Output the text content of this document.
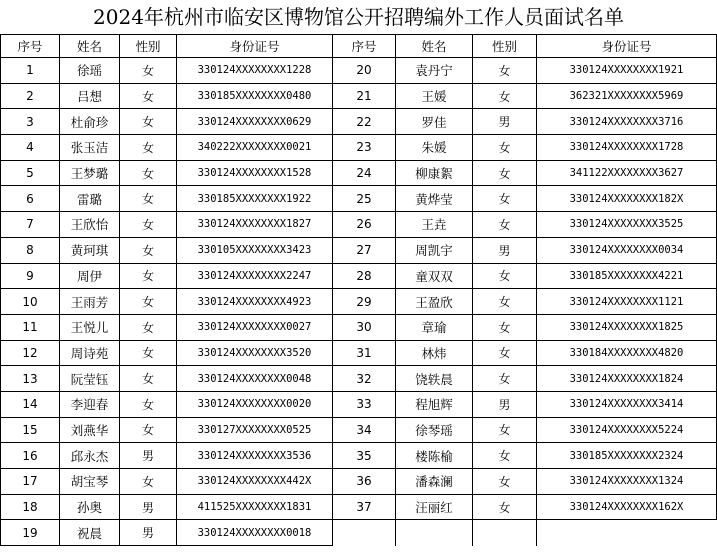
2024年杭州市临安区博物馆公开招聘编外工作人员面试名单
序号	姓名	性别	身份证号	序号	姓名	性别	身份证号
1	徐瑶	女	330124XXXXXXXX1228	20	袁丹宁	女	330124XXXXXXXX1921
2	吕想	女	330185XXXXXXXX0480	21	王媛	女	362321XXXXXXXX5969
3	杜俞珍	女	330124XXXXXXXX0629	22	罗佳	男	330124XXXXXXXX3716
4	张玉洁	女	340222XXXXXXXX0021	23	朱媛	女	330124XXXXXXXX1728
5	王梦璐	女	330124XXXXXXXX1528	24	柳康絮	女	341122XXXXXXXX3627
6	雷璐	女	330185XXXXXXXX1922	25	黄烨莹	女	330124XXXXXXXX182X
7	王欣怡	女	330124XXXXXXXX1827	26	王垚	女	330124XXXXXXXX3525
8	黄珂琪	女	330105XXXXXXXX3423	27	周凯宇	男	330124XXXXXXXX0034
9	周伊	女	330124XXXXXXXX2247	28	童双双	女	330185XXXXXXXX4221
10	王雨芳	女	330124XXXXXXXX4923	29	王盈欣	女	330124XXXXXXXX1121
11	王悦儿	女	330124XXXXXXXX0027	30	章瑜	女	330124XXXXXXXX1825
12	周诗苑	女	330124XXXXXXXX3520	31	林炜	女	330184XXXXXXXX4820
13	阮莹钰	女	330124XXXXXXXX0048	32	饶轶晨	女	330124XXXXXXXX1824
14	李迎春	女	330124XXXXXXXX0020	33	程旭辉	男	330124XXXXXXXX3414
15	刘燕华	女	330127XXXXXXXX0525	34	徐琴瑶	女	330124XXXXXXXX5224
16	邱永杰	男	330124XXXXXXXX3536	35	楼陈榆	女	330185XXXXXXXX2324
17	胡宝琴	女	330124XXXXXXXX442X	36	潘森澜	女	330124XXXXXXXX1324
18	孙奥	男	411525XXXXXXXX1831	37	汪丽红	女	330124XXXXXXXX162X
19	祝晨	男	330124XXXXXXXX0018				
